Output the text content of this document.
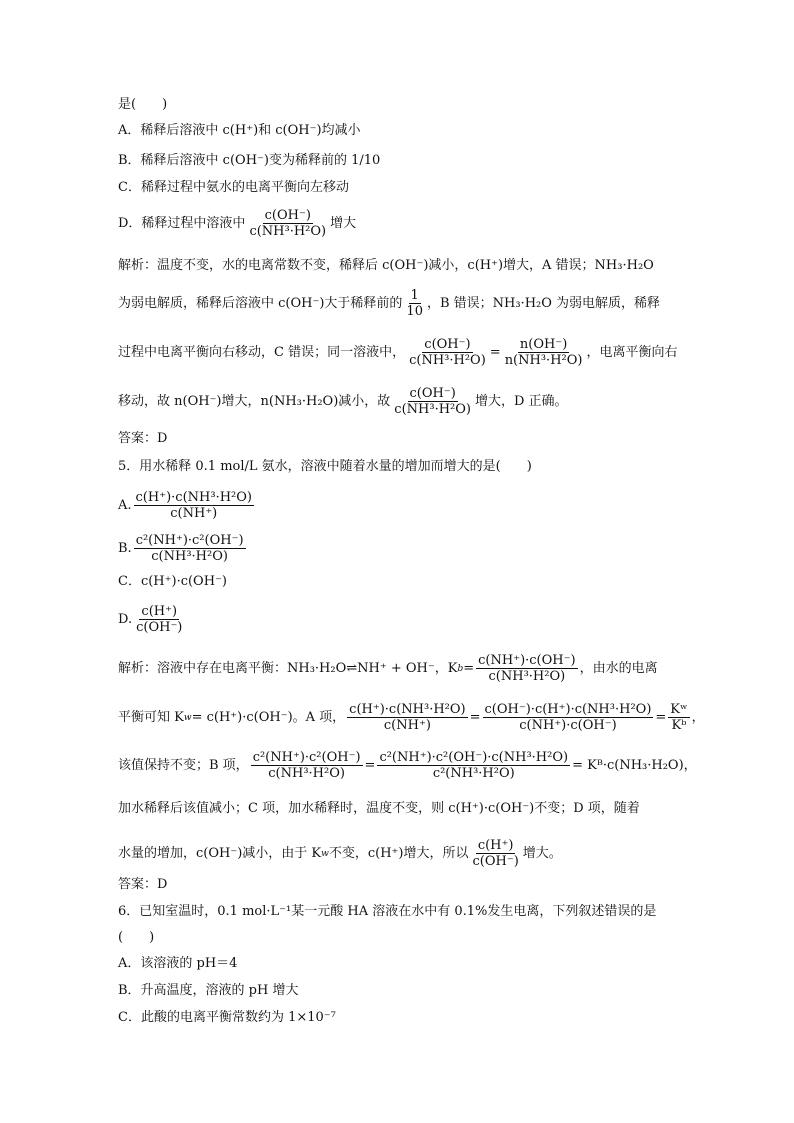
是(　　)
A．稀释后溶液中 c(H⁺)和 c(OH⁻)均减小
B．稀释后溶液中 c(OH⁻)变为稀释前的 1/10
C．稀释过程中氨水的电离平衡向左移动
D．稀释过程中溶液中 $\frac{c(OH^-)}{\text{c(NH³·H²O)}}$ 增大
解析：温度不变，水的电离常数不变，稀释后 c(OH⁻)减小，c(H⁺)增大，A 错误；NH₃·H₂O
为弱电解质，稀释后溶液中 c(OH⁻)大于稀释前的 $\frac{1}{10}$ ，B 错误；NH₃·H₂O 为弱电解质，稀释
过程中电离平衡向右移动，C 错误；同一溶液中， $\frac{c(OH^-)}{\text{c(NH³·H²O)}} = \frac{n(OH^-)}{\text{n(NH³·H²O)}}$ ，电离平衡向右
移动，故 n(OH⁻)增大，n(NH₃·H₂O)减小，故 $\frac{c(OH^-)}{\text{c(NH³·H²O)}}$ 增大，D 正确。
答案：D
5．用水稀释 0.1 mol/L 氨水，溶液中随着水量的增加而增大的是(　　)
A. $\frac{\text{c(H⁺)·c(NH³·H²O)}}{c(NH^+)}$
B. $\frac{\text{c²(NH⁺)·c²(OH⁻)}}{\text{c(NH³·H²O)}}$
C．c(H⁺)·c(OH⁻)
D. $\frac{c(H^+)}{c(OH^-)}$
解析：溶液中存在电离平衡：NH₃·H₂O⇌NH⁺ + OH⁻，K $b = \frac{c(NH^+)\cdot c(OH^-)}{\text{c(NH³·H²O)}}$ ，由水的电离
平衡可知 K w = c(H⁺)·c(OH⁻)。A 项， $\frac{\text{c(H⁺)·c(NH³·H²O)}}{c(NH^+)} = \frac{\text{c(OH⁻)·c(H⁺)·c(NH³·H²O)}}{c(NH^+)\cdot c(OH^-)} = \frac{\text{Kʷ}}{\text{Kᵇ}}$ ，
该值保持不变；B 项， $\frac{\text{c²(NH⁺)·c²(OH⁻)}}{\text{c(NH³·H²O)}} = \frac{\text{c²(NH⁺)·c²(OH⁻)·c(NH³·H²O)}}{\text{c²(NH³·H²O)}}$ = Kᴮ·c(NH₃·H₂O)，
加水稀释后该值减小；C 项，加水稀释时，温度不变，则 c(H⁺)·c(OH⁻)不变；D 项，随着
水量的增加，c(OH⁻)减小，由于 K w 不变，c(H⁺)增大，所以 $\frac{c(H^+)}{c(OH^-)}$ 增大。
答案：D
6．已知室温时，0.1 mol·L⁻¹某一元酸 HA 溶液在水中有 0.1%发生电离，下列叙述错误的是
(　　)
A．该溶液的 pH＝4
B．升高温度，溶液的 pH 增大
C．此酸的电离平衡常数约为 1×10⁻⁷
